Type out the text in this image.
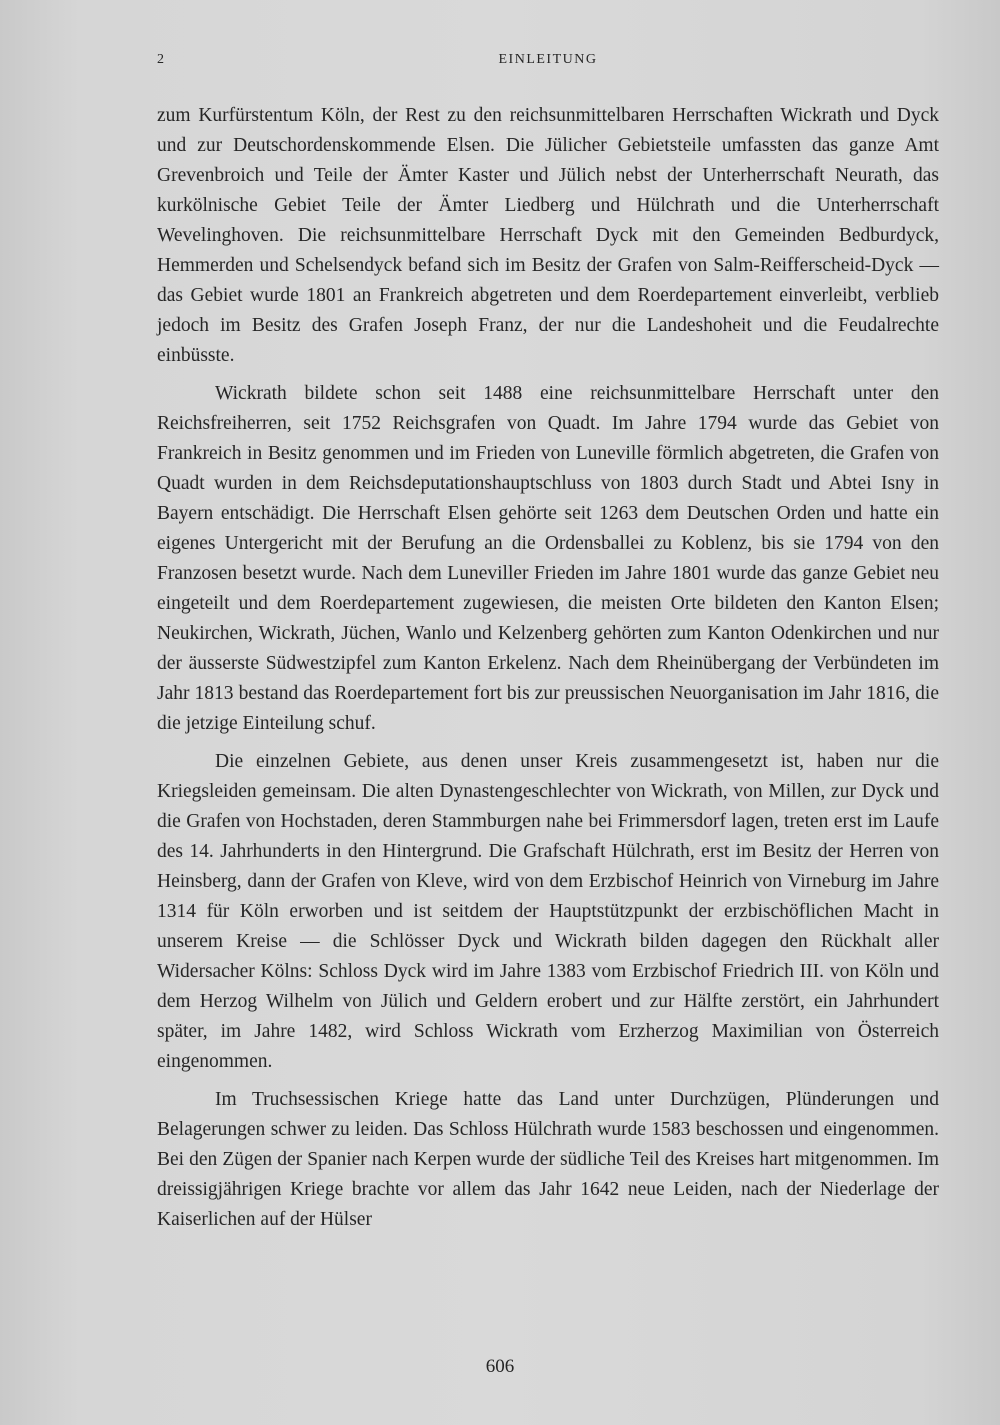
2	EINLEITUNG

zum Kurfürstentum Köln, der Rest zu den reichsunmittelbaren Herrschaften Wickrath und Dyck und zur Deutschordenskommende Elsen. Die Jülicher Gebietsteile umfassten das ganze Amt Grevenbroich und Teile der Ämter Kaster und Jülich nebst der Unterherrschaft Neurath, das kurkölnische Gebiet Teile der Ämter Liedberg und Hülchrath und die Unterherrschaft Wevelinghoven. Die reichsunmittelbare Herrschaft Dyck mit den Gemeinden Bedburdyck, Hemmerden und Schelsendyck befand sich im Besitz der Grafen von Salm-Reifferscheid-Dyck — das Gebiet wurde 1801 an Frankreich abgetreten und dem Roerdepartement einverleibt, verblieb jedoch im Besitz des Grafen Joseph Franz, der nur die Landeshoheit und die Feudalrechte einbüsste.

Wickrath bildete schon seit 1488 eine reichsunmittelbare Herrschaft unter den Reichsfreiherren, seit 1752 Reichsgrafen von Quadt. Im Jahre 1794 wurde das Gebiet von Frankreich in Besitz genommen und im Frieden von Luneville förmlich abgetreten, die Grafen von Quadt wurden in dem Reichsdeputationshauptschluss von 1803 durch Stadt und Abtei Isny in Bayern entschädigt. Die Herrschaft Elsen gehörte seit 1263 dem Deutschen Orden und hatte ein eigenes Untergericht mit der Berufung an die Ordensballei zu Koblenz, bis sie 1794 von den Franzosen besetzt wurde. Nach dem Luneviller Frieden im Jahre 1801 wurde das ganze Gebiet neu eingeteilt und dem Roerdepartement zugewiesen, die meisten Orte bildeten den Kanton Elsen; Neukirchen, Wickrath, Jüchen, Wanlo und Kelzenberg gehörten zum Kanton Odenkirchen und nur der äusserste Südwestzipfel zum Kanton Erkelenz. Nach dem Rheinübergang der Verbündeten im Jahr 1813 bestand das Roerdepartement fort bis zur preussischen Neuorganisation im Jahr 1816, die die jetzige Einteilung schuf.

Die einzelnen Gebiete, aus denen unser Kreis zusammengesetzt ist, haben nur die Kriegsleiden gemeinsam. Die alten Dynastengeschlechter von Wickrath, von Millen, zur Dyck und die Grafen von Hochstaden, deren Stammburgen nahe bei Frimmersdorf lagen, treten erst im Laufe des 14. Jahrhunderts in den Hintergrund. Die Grafschaft Hülchrath, erst im Besitz der Herren von Heinsberg, dann der Grafen von Kleve, wird von dem Erzbischof Heinrich von Virneburg im Jahre 1314 für Köln erworben und ist seitdem der Hauptstützpunkt der erzbischöflichen Macht in unserem Kreise — die Schlösser Dyck und Wickrath bilden dagegen den Rückhalt aller Widersacher Kölns: Schloss Dyck wird im Jahre 1383 vom Erzbischof Friedrich III. von Köln und dem Herzog Wilhelm von Jülich und Geldern erobert und zur Hälfte zerstört, ein Jahrhundert später, im Jahre 1482, wird Schloss Wickrath vom Erzherzog Maximilian von Österreich eingenommen.

Im Truchsessischen Kriege hatte das Land unter Durchzügen, Plünderungen und Belagerungen schwer zu leiden. Das Schloss Hülchrath wurde 1583 beschossen und eingenommen. Bei den Zügen der Spanier nach Kerpen wurde der südliche Teil des Kreises hart mitgenommen. Im dreissigjährigen Kriege brachte vor allem das Jahr 1642 neue Leiden, nach der Niederlage der Kaiserlichen auf der Hülser

606
